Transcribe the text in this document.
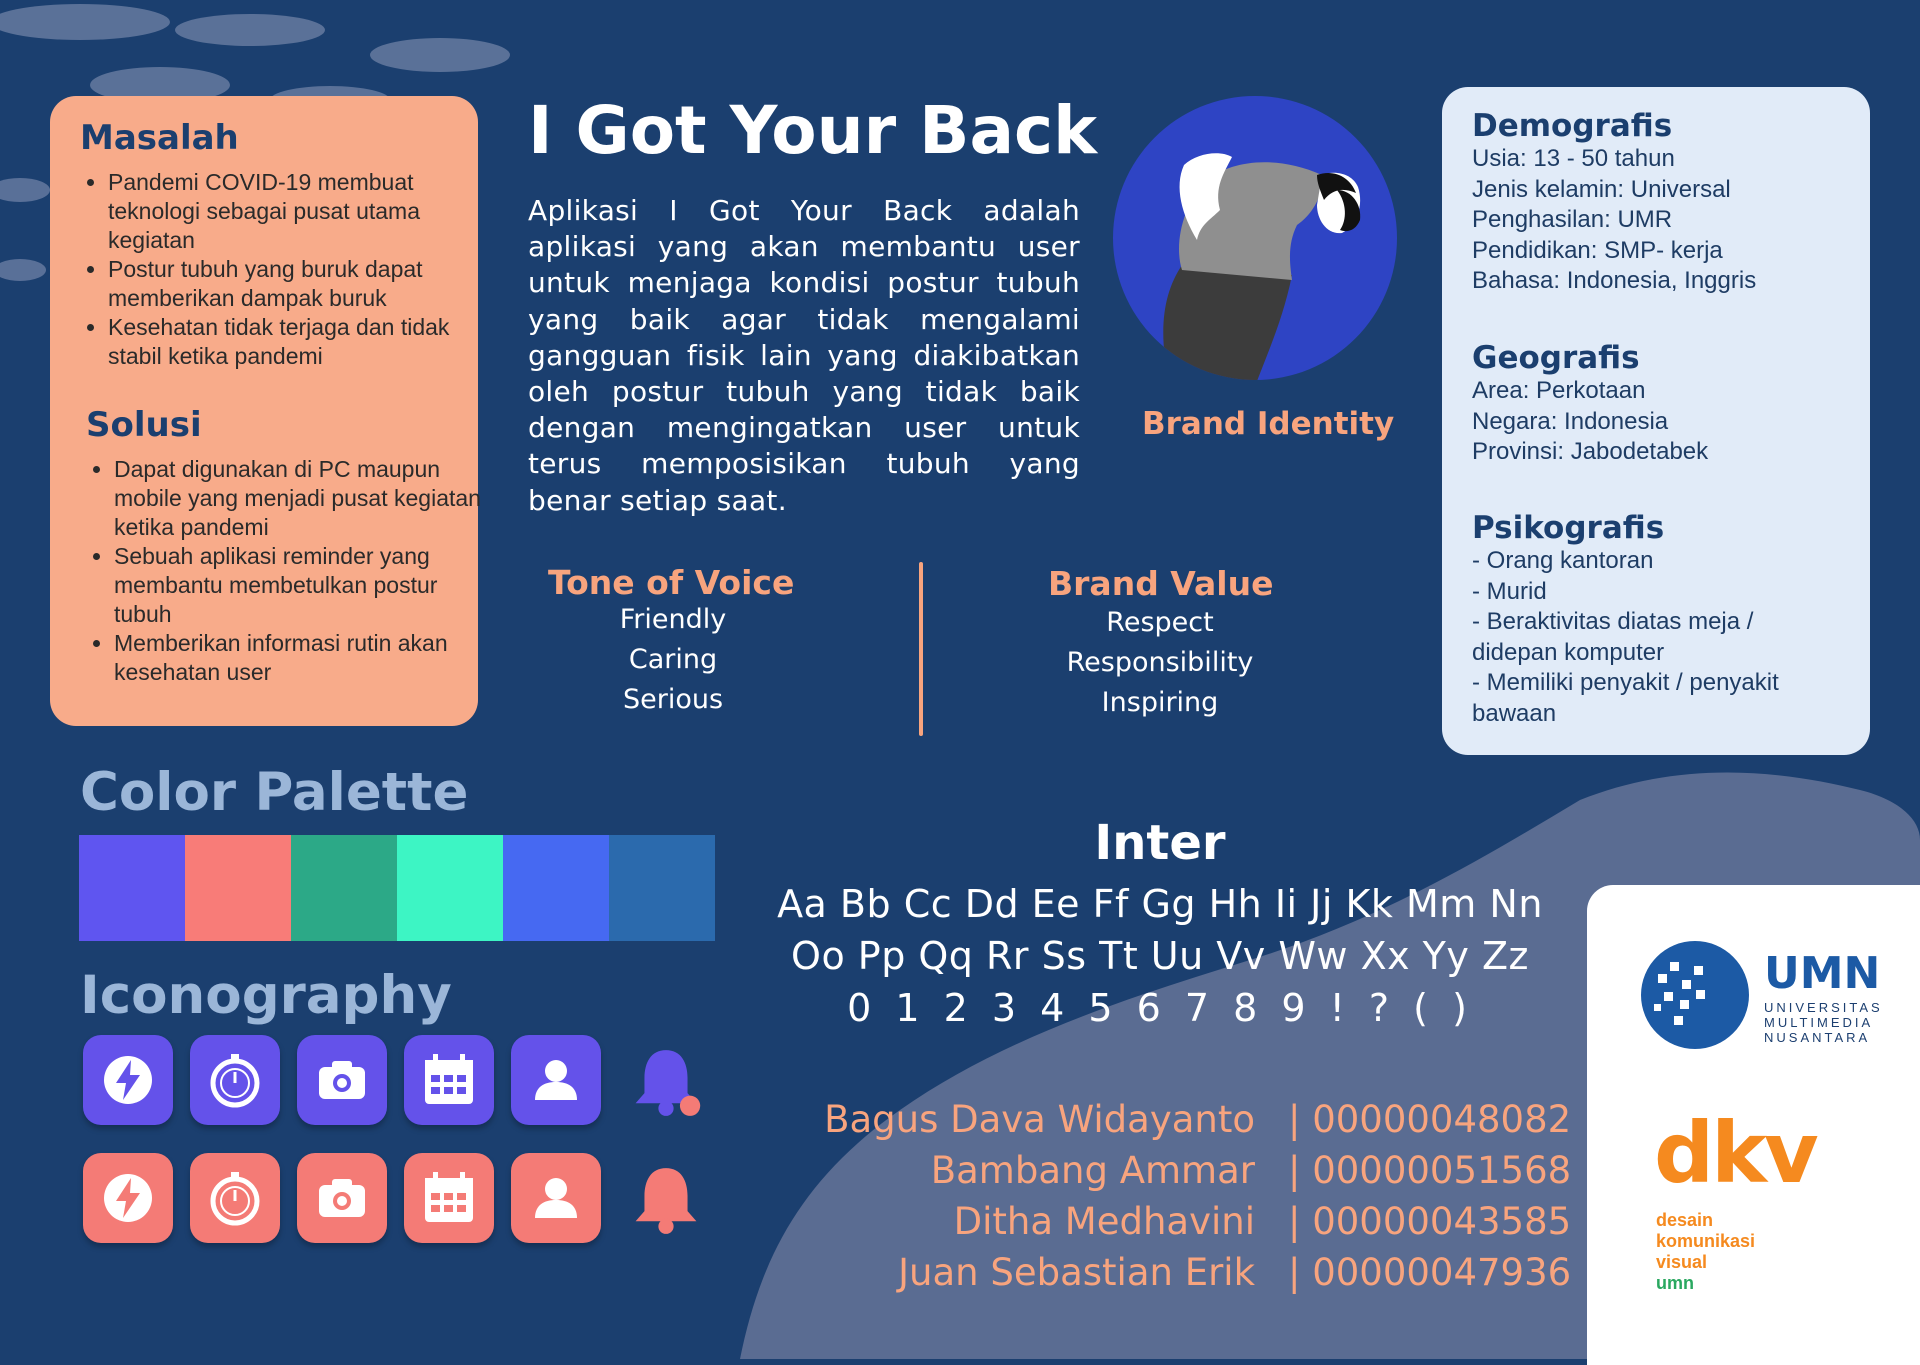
Masalah
• Pandemi COVID-19 membuat teknologi sebagai pusat utama kegiatan
• Postur tubuh yang buruk dapat memberikan dampak buruk
• Kesehatan tidak terjaga dan tidak stabil ketika pandemi
Solusi
• Dapat digunakan di PC maupun mobile yang menjadi pusat kegiatan ketika pandemi
• Sebuah aplikasi reminder yang membantu membetulkan postur tubuh
• Memberikan informasi rutin akan kesehatan user
I Got Your Back
Aplikasi I Got Your Back adalah aplikasi yang akan membantu user untuk menjaga kondisi postur tubuh yang baik agar tidak mengalami gangguan fisik lain yang diakibatkan oleh postur tubuh yang tidak baik dengan mengingatkan user untuk terus memposisikan tubuh yang benar setiap saat.
Brand Identity
Tone of Voice
Friendly
Caring
Serious
Brand Value
Respect
Responsibility
Inspiring
Demografis
Usia: 13 - 50 tahun
Jenis kelamin: Universal
Penghasilan: UMR
Pendidikan: SMP- kerja
Bahasa: Indonesia, Inggris
Geografis
Area: Perkotaan
Negara: Indonesia
Provinsi: Jabodetabek
Psikografis
- Orang kantoran
- Murid
- Beraktivitas diatas meja /
didepan komputer
- Memiliki penyakit / penyakit
bawaan
Color Palette
Iconography
Inter
Aa Bb Cc Dd Ee Ff Gg Hh Ii Jj Kk Mm Nn
Oo Pp Qq Rr Ss Tt Uu Vv Ww Xx Yy Zz
0 1 2 3 4 5 6 7 8 9 ! ? ( )
Bagus Dava Widayanto | 00000048082
Bambang Ammar | 00000051568
Ditha Medhavini | 00000043585
Juan Sebastian Erik | 00000047936
UMN
UNIVERSITAS
MULTIMEDIA
NUSANTARA
dkv
desain
komunikasi
visual
umn
